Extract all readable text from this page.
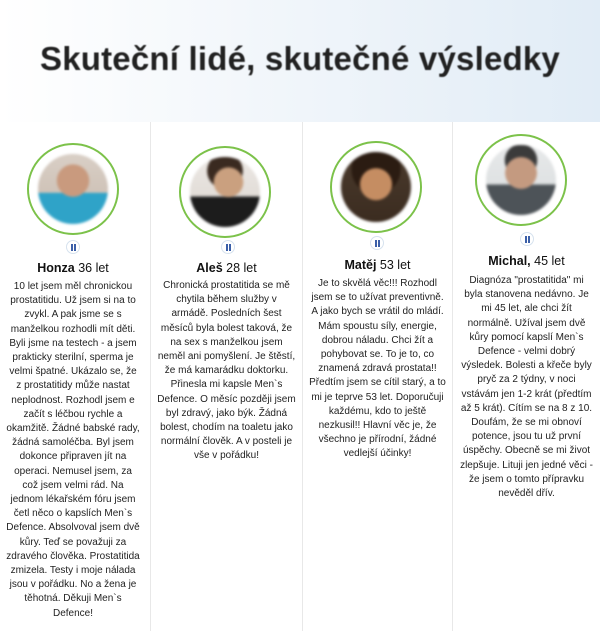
Skuteční lidé, skutečné výsledky
Honza 36 let
10 let jsem měl chronickou prostatitidu. Už jsem si na to zvykl. A pak jsme se s manželkou rozhodli mít děti. Byli jsme na testech - a jsem prakticky sterilní, sperma je velmi špatné. Ukázalo se, že z prostatitidy může nastat neplodnost. Rozhodl jsem e začít s léčbou rychle a okamžitě. Žádné babské rady, žádná samoléčba. Byl jsem dokonce připraven jít na operaci. Nemusel jsem, za což jsem velmi rád. Na jednom lékařském fóru jsem četl něco o kapslích Men`s Defence. Absolvoval jsem dvě kůry. Teď se považuji za zdravého člověka. Prostatitida zmizela. Testy i moje nálada jsou v pořádku. No a žena je těhotná. Děkuji Men`s Defence!
Aleš 28 let
Chronická prostatitida se mě chytila během služby v armádě. Posledních šest měsíců byla bolest taková, že na sex s manželkou jsem neměl ani pomyšlení. Je štěstí, že má kamarádku doktorku. Přinesla mi kapsle Men`s Defence. O měsíc později jsem byl zdravý, jako býk. Žádná bolest, chodím na toaletu jako normální člověk. A v posteli je vše v pořádku!
Matěj 53 let
Je to skvělá věc!!! Rozhodl jsem se to užívat preventivně. A jako bych se vrátil do mládí. Mám spoustu síly, energie, dobrou náladu. Chci žít a pohybovat se. To je to, co znamená zdravá prostata!! Předtím jsem se cítil starý, a to mi je teprve 53 let. Doporučuji každému, kdo to ještě nezkusil!! Hlavní věc je, že všechno je přírodní, žádné vedlejší účinky!
Michal, 45 let
Diagnóza "prostatitida" mi byla stanovena nedávno. Je mi 45 let, ale chci žít normálně. Užíval jsem dvě kůry pomocí kapslí Men`s Defence - velmi dobrý výsledek. Bolesti a křeče byly pryč za 2 týdny, v noci vstávám jen 1-2 krát (předtím až 5 krát). Cítím se na 8 z 10. Doufám, že se mi obnoví potence, jsou tu už první úspěchy. Obecně se mi život zlepšuje. Lituji jen jedné věci - že jsem o tomto přípravku nevěděl dřív.
